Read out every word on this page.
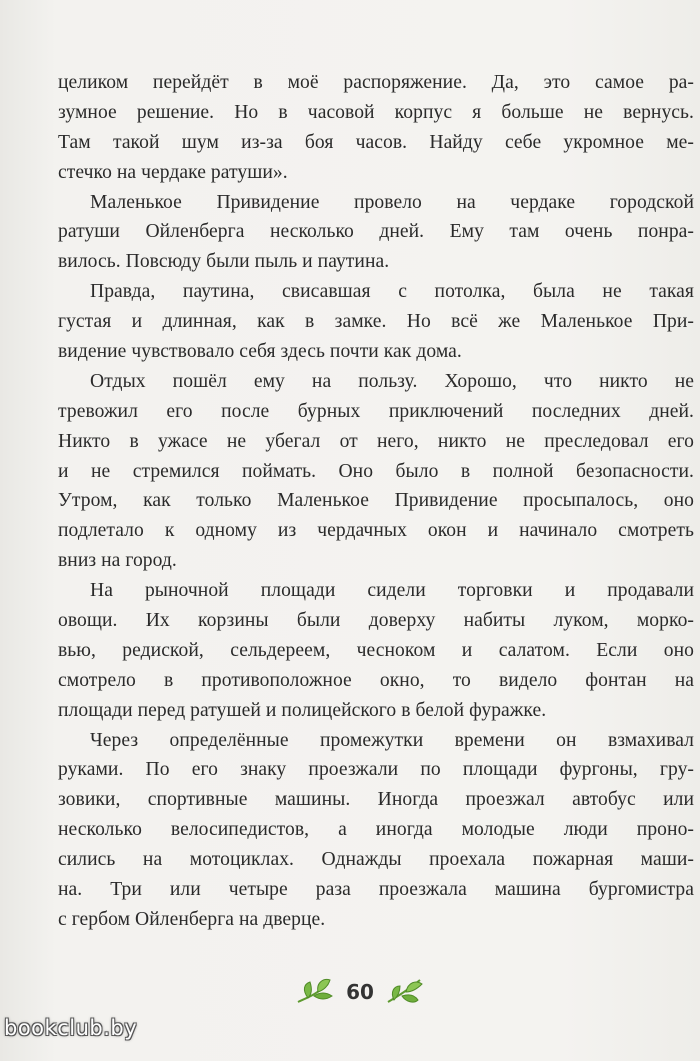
целиком перейдёт в моё распоряжение. Да, это самое ра-
зумное решение. Но в часовой корпус я больше не вернусь.
Там такой шум из-за боя часов. Найду себе укромное ме-
стечко на чердаке ратуши».
Маленькое Привидение провело на чердаке городской
ратуши Ойленберга несколько дней. Ему там очень понра-
вилось. Повсюду были пыль и паутина.
Правда, паутина, свисавшая с потолка, была не такая
густая и длинная, как в замке. Но всё же Маленькое При-
видение чувствовало себя здесь почти как дома.
Отдых пошёл ему на пользу. Хорошо, что никто не
тревожил его после бурных приключений последних дней.
Никто в ужасе не убегал от него, никто не преследовал его
и не стремился поймать. Оно было в полной безопасности.
Утром, как только Маленькое Привидение просыпалось, оно
подлетало к одному из чердачных окон и начинало смотреть
вниз на город.
На рыночной площади сидели торговки и продавали
овощи. Их корзины были доверху набиты луком, морко-
вью, редиской, сельдереем, чесноком и салатом. Если оно
смотрело в противоположное окно, то видело фонтан на
площади перед ратушей и полицейского в белой фуражке.
Через определённые промежутки времени он взмахивал
руками. По его знаку проезжали по площади фургоны, гру-
зовики, спортивные машины. Иногда проезжал автобус или
несколько велосипедистов, а иногда молодые люди проно-
сились на мотоциклах. Однажды проехала пожарная маши-
на. Три или четыре раза проезжала машина бургомистра
с гербом Ойленберга на дверце.
60
bookclub.by
